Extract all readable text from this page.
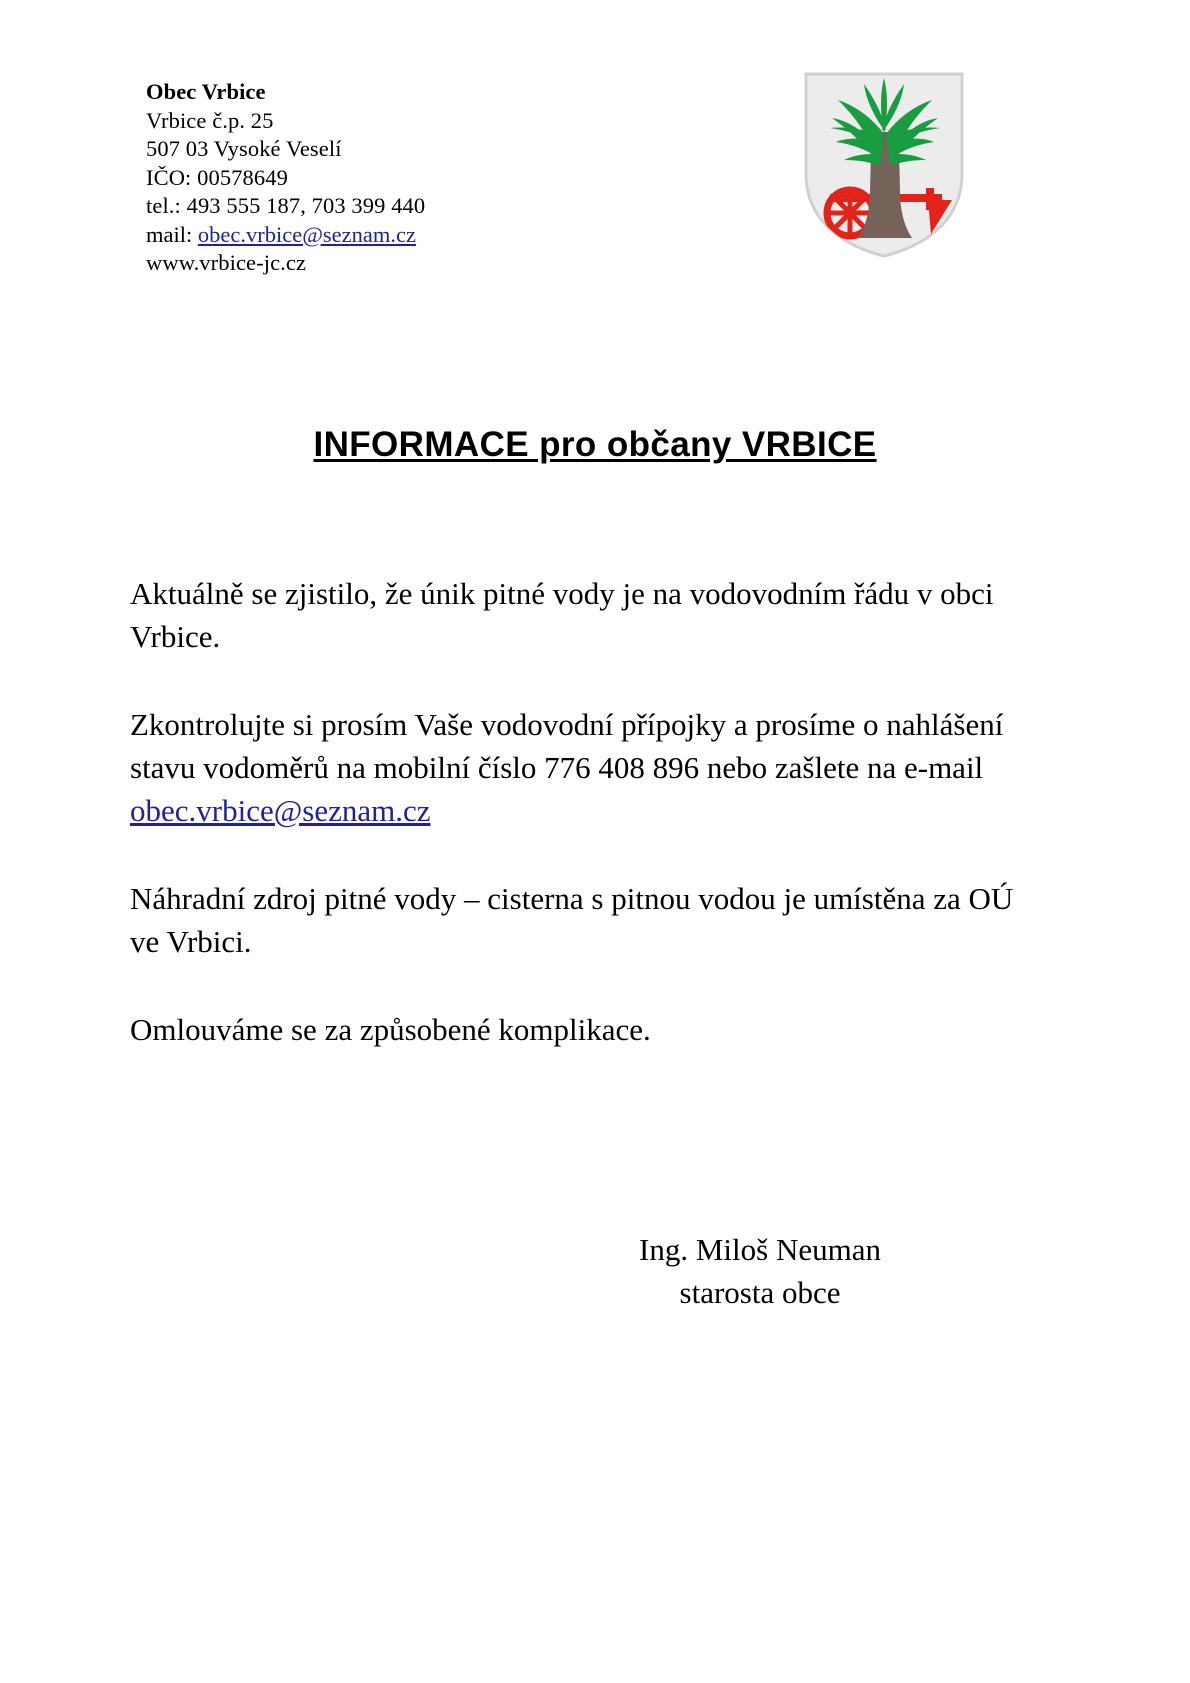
Obec Vrbice
Vrbice č.p. 25
507 03 Vysoké Veselí
IČO: 00578649
tel.: 493 555 187, 703 399 440
mail: obec.vrbice@seznam.cz
www.vrbice-jc.cz
INFORMACE pro občany VRBICE

Aktuálně se zjistilo, že únik pitné vody je na vodovodním řádu v obci Vrbice.

Zkontrolujte si prosím Vaše vodovodní přípojky a prosíme o nahlášení stavu vodoměrů na mobilní číslo 776 408 896 nebo zašlete na e-mail obec.vrbice@seznam.cz

Náhradní zdroj pitné vody – cisterna s pitnou vodou je umístěna za OÚ ve Vrbici.

Omlouváme se za způsobené komplikace.

Ing. Miloš Neuman
starosta obce
